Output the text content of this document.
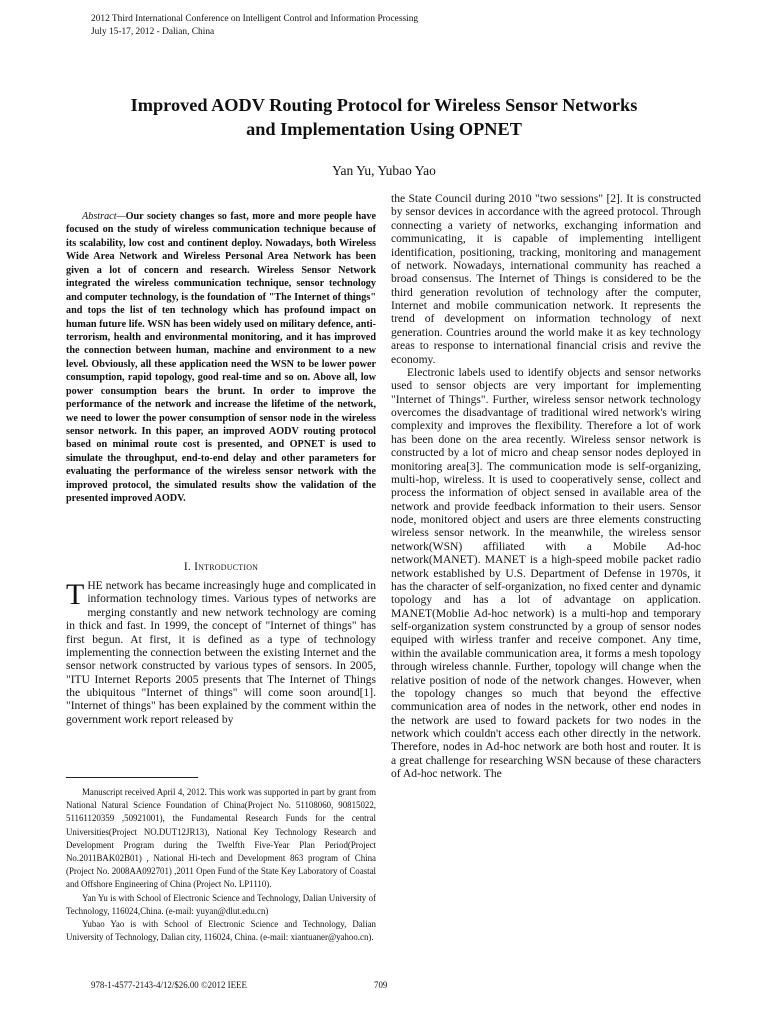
2012 Third International Conference on Intelligent Control and Information Processing
July 15-17, 2012 - Dalian, China
Improved AODV Routing Protocol for Wireless Sensor Networks
and Implementation Using OPNET
Yan Yu, Yubao Yao
Abstract—Our society changes so fast, more and more people have focused on the study of wireless communication technique because of its scalability, low cost and continent deploy. Nowadays, both Wireless Wide Area Network and Wireless Personal Area Network has been given a lot of concern and research. Wireless Sensor Network integrated the wireless communication technique, sensor technology and computer technology, is the foundation of "The Internet of things" and tops the list of ten technology which has profound impact on human future life. WSN has been widely used on military defence, anti-terrorism, health and environmental monitoring, and it has improved the connection between human, machine and environment to a new level. Obviously, all these application need the WSN to be lower power consumption, rapid topology, good real-time and so on. Above all, low power consumption bears the brunt. In order to improve the performance of the network and increase the lifetime of the network, we need to lower the power consumption of sensor node in the wireless sensor network. In this paper, an improved AODV routing protocol based on minimal route cost is presented, and OPNET is used to simulate the throughput, end-to-end delay and other parameters for evaluating the performance of the wireless sensor network with the improved protocol, the simulated results show the validation of the presented improved AODV.
I. Introduction

THE network has became increasingly huge and complicated in information technology times. Various types of networks are merging constantly and new network technology are coming in thick and fast. In 1999, the concept of "Internet of things" has first begun. At first, it is defined as a type of technology implementing the connection between the existing Internet and the sensor network constructed by various types of sensors. In 2005, "ITU Internet Reports 2005 presents that The Internet of Things the ubiquitous "Internet of things" will come soon around[1]. "Internet of things" has been explained by the comment within the government work report released by

Manuscript received April 4, 2012. This work was supported in part by grant from National Natural Science Foundation of China(Project No. 51108060, 90815022, 51161120359 ,50921001), the Fundamental Research Funds for the central Universities(Project NO.DUT12JR13), National Key Technology Research and Development Program during the Twelfth Five-Year Plan Period(Project No.2011BAK02B01) , National Hi-tech and Development 863 program of China (Project No. 2008AA092701) ,2011 Open Fund of the State Key Laboratory of Coastal and Offshore Engineering of China (Project No. LP1110).

Yan Yu is with School of Electronic Science and Technology, Dalian University of Technology, 116024,China. (e-mail: yuyan@dlut.edu.cn)

Yubao Yao is with School of Electronic Science and Technology, Dalian University of Technology, Dalian city, 116024, China. (e-mail: xiantuaner@yahoo.cn).

the State Council during 2010 "two sessions" [2]. It is constructed by sensor devices in accordance with the agreed protocol. Through connecting a variety of networks, exchanging information and communicating, it is capable of implementing intelligent identification, positioning, tracking, monitoring and management of network. Nowadays, international community has reached a broad consensus. The Internet of Things is considered to be the third generation revolution of technology after the computer, Internet and mobile communication network. It represents the trend of development on information technology of next generation. Countries around the world make it as key technology areas to response to international financial crisis and revive the economy.

Electronic labels used to identify objects and sensor networks used to sensor objects are very important for implementing "Internet of Things". Further, wireless sensor network technology overcomes the disadvantage of traditional wired network's wiring complexity and improves the flexibility. Therefore a lot of work has been done on the area recently. Wireless sensor network is constructed by a lot of micro and cheap sensor nodes deployed in monitoring area[3]. The communication mode is self-organizing, multi-hop, wireless. It is used to cooperatively sense, collect and process the information of object sensed in available area of the network and provide feedback information to their users. Sensor node, monitored object and users are three elements constructing wireless sensor network. In the meanwhile, the wireless sensor network(WSN) affiliated with a Mobile Ad-hoc network(MANET). MANET is a high-speed mobile packet radio network established by U.S. Department of Defense in 1970s, it has the character of self-organization, no fixed center and dynamic topology and has a lot of advantage on application. MANET(Moblie Ad-hoc network) is a multi-hop and temporary self-organization system construncted by a group of sensor nodes equiped with wirless tranfer and receive componet. Any time, within the available communication area, it forms a mesh topology through wireless channle. Further, topology will change when the relative position of node of the network changes. However, when the topology changes so much that beyond the effective communication area of nodes in the network, other end nodes in the network are used to foward packets for two nodes in the network which couldn't access each other directly in the network. Therefore, nodes in Ad-hoc network are both host and router. It is a great challenge for researching WSN because of these characters of Ad-hoc network. The

978-1-4577-2143-4/12/$26.00 ©2012 IEEE	709
